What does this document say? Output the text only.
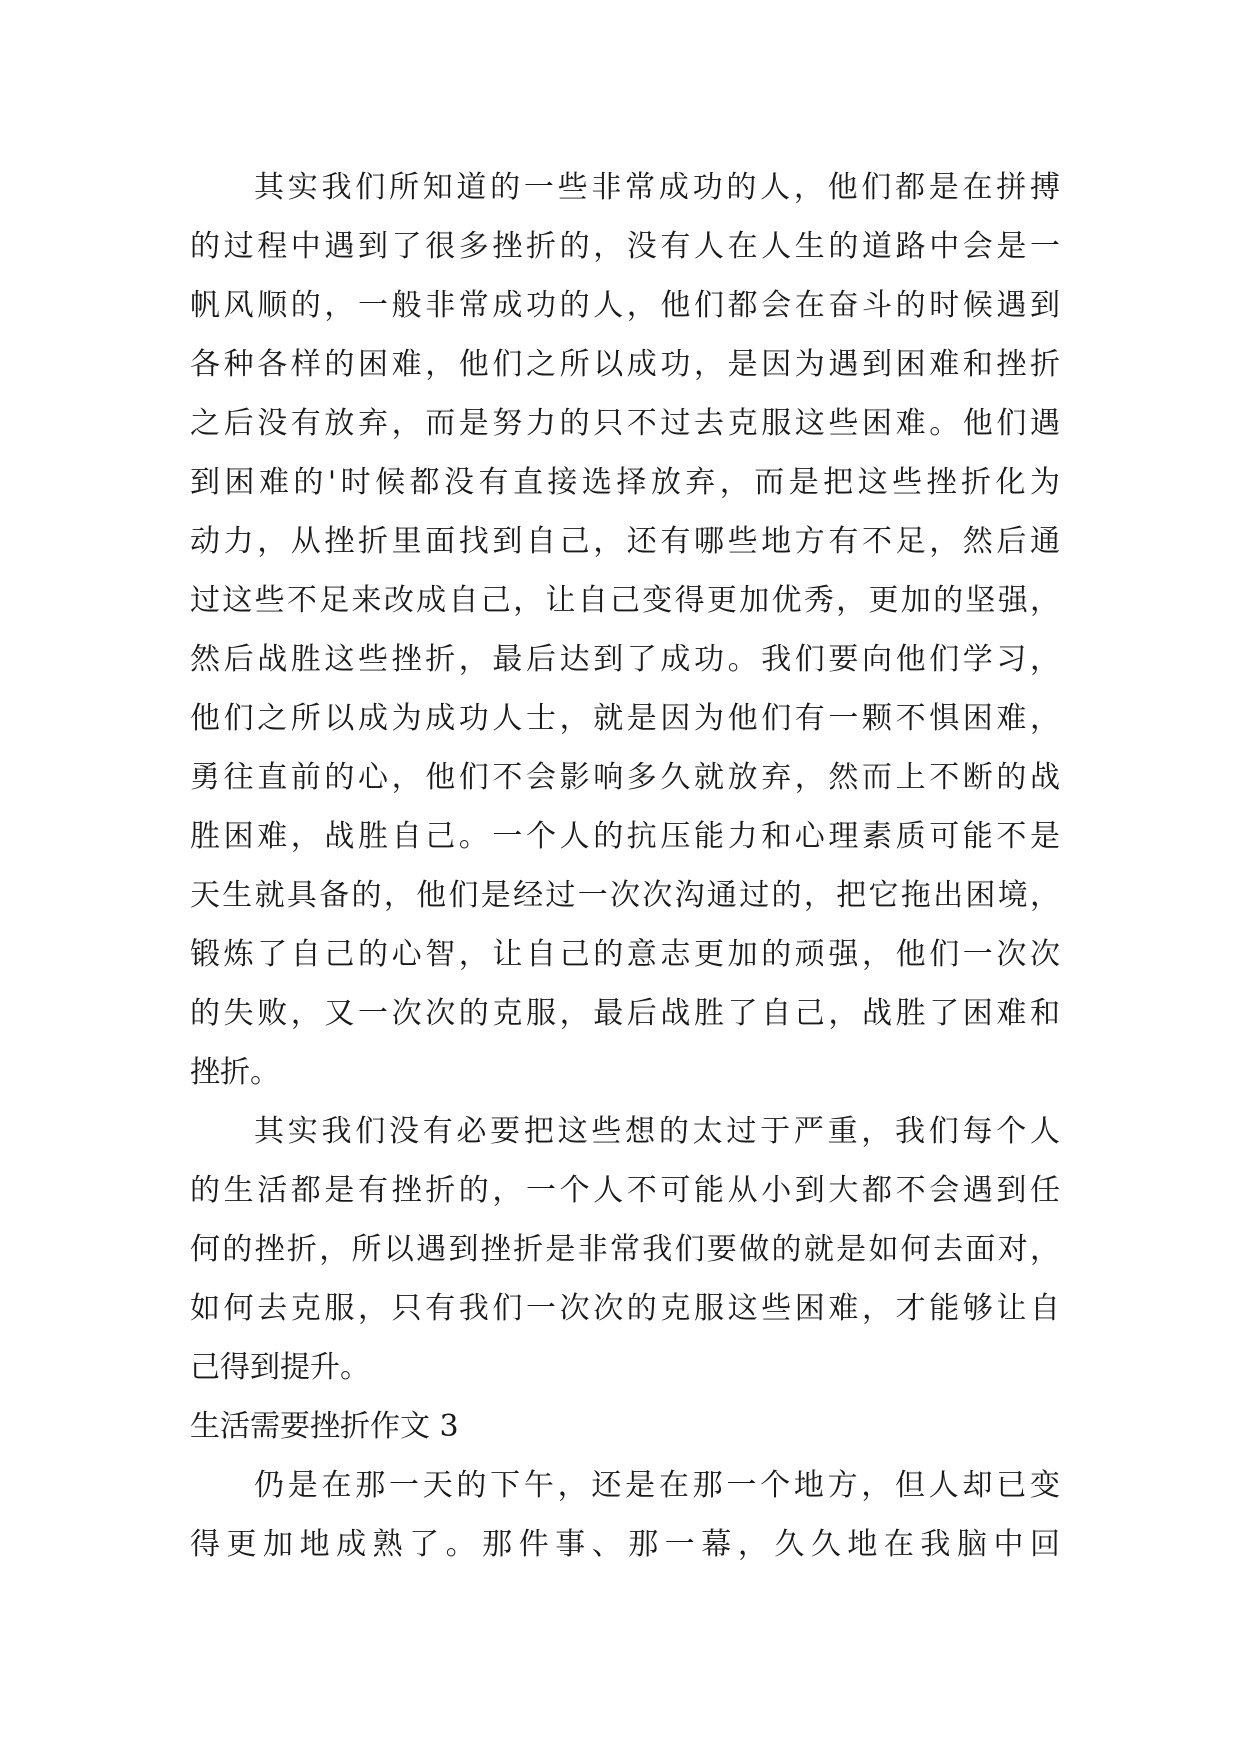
其实我们所知道的一些非常成功的人，他们都是在拼搏
的过程中遇到了很多挫折的，没有人在人生的道路中会是一
帆风顺的，一般非常成功的人，他们都会在奋斗的时候遇到
各种各样的困难，他们之所以成功，是因为遇到困难和挫折
之后没有放弃，而是努力的只不过去克服这些困难。他们遇
到困难的'时候都没有直接选择放弃，而是把这些挫折化为
动力，从挫折里面找到自己，还有哪些地方有不足，然后通
过这些不足来改成自己，让自己变得更加优秀，更加的坚强，
然后战胜这些挫折，最后达到了成功。我们要向他们学习，
他们之所以成为成功人士，就是因为他们有一颗不惧困难，
勇往直前的心，他们不会影响多久就放弃，然而上不断的战
胜困难，战胜自己。一个人的抗压能力和心理素质可能不是
天生就具备的，他们是经过一次次沟通过的，把它拖出困境，
锻炼了自己的心智，让自己的意志更加的顽强，他们一次次
的失败，又一次次的克服，最后战胜了自己，战胜了困难和
挫折。
其实我们没有必要把这些想的太过于严重，我们每个人
的生活都是有挫折的，一个人不可能从小到大都不会遇到任
何的挫折，所以遇到挫折是非常我们要做的就是如何去面对，
如何去克服，只有我们一次次的克服这些困难，才能够让自
己得到提升。
生活需要挫折作文 3
仍是在那一天的下午，还是在那一个地方，但人却已变
得更加地成熟了。那件事、那一幕，久久地在我脑中回
